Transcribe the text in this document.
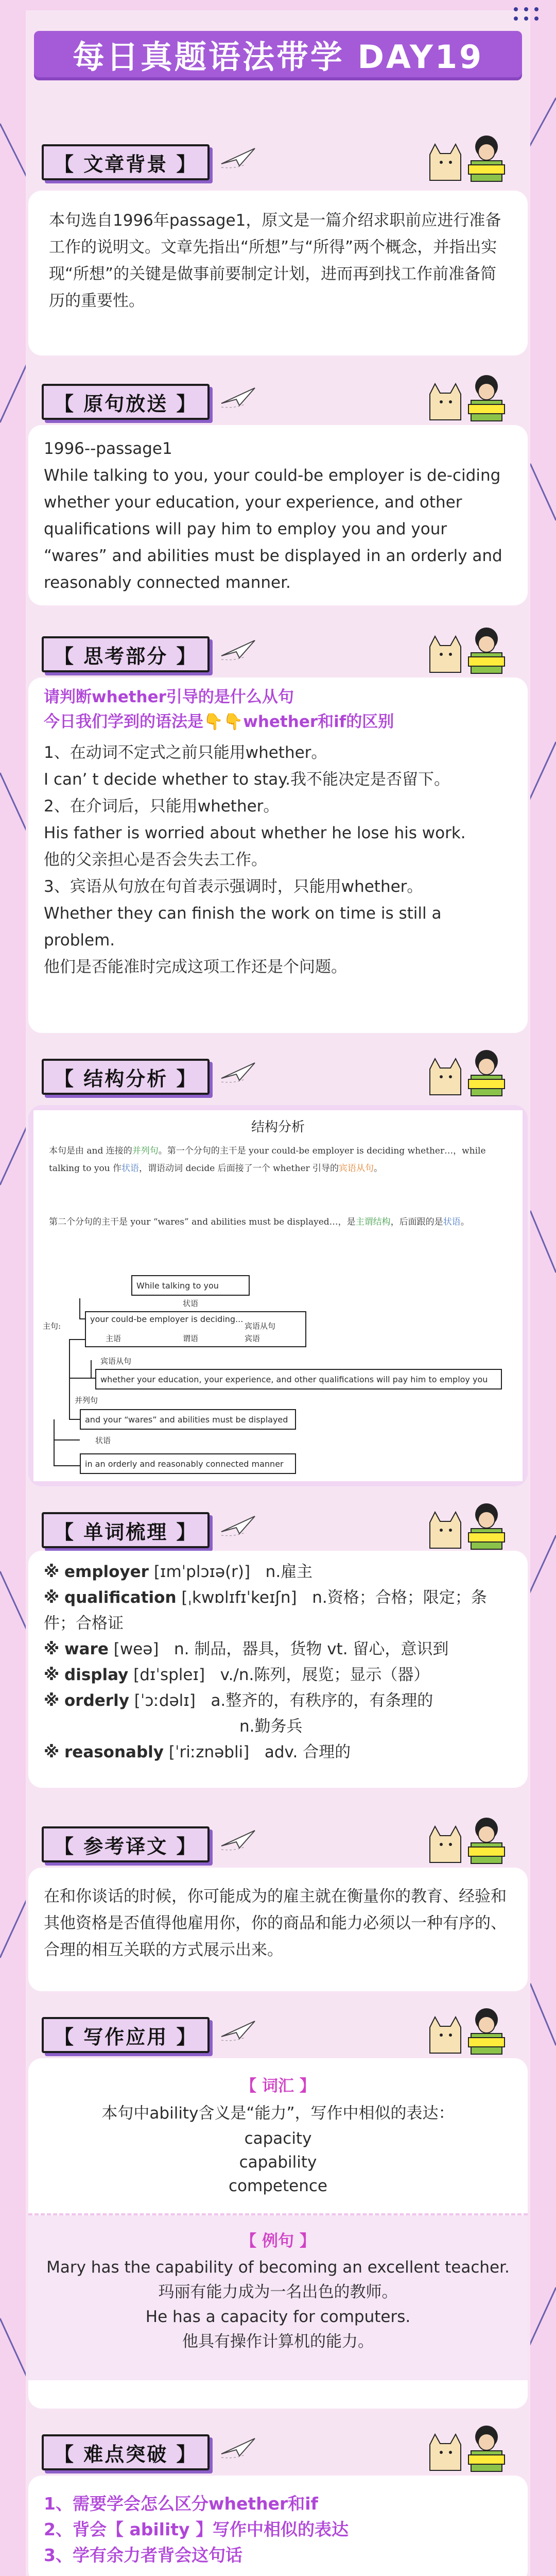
每日真题语法带学 DAY19
【 文章背景 】
本句选自1996年passage1，原文是一篇介绍求职前应进行准备工作的说明文。文章先指出“所想”与“所得”两个概念，并指出实现“所想”的关键是做事前要制定计划，进而再到找工作前准备简历的重要性。
【 原句放送 】
1996--passage1
While talking to you, your could-be employer is de-ciding whether your education, your experience, and other qualifications will pay him to employ you and your “wares” and abilities must be displayed in an orderly and reasonably connected manner.
【 思考部分 】
请判断whether引导的是什么从句
今日我们学到的语法是👇👇whether和if的区别
1、在动词不定式之前只能用whether。
I can’ t decide whether to stay.我不能决定是否留下。
2、在介词后，只能用whether。
His father is worried about whether he lose his work.
他的父亲担心是否会失去工作。
3、宾语从句放在句首表示强调时，只能用whether。
Whether they can finish the work on time is still a problem.
他们是否能准时完成这项工作还是个问题。
【 结构分析 】
结构分析
本句是由 and 连接的并列句。第一个分句的主干是 your could-be employer is deciding whether…，while talking to you 作状语，谓语动词 decide 后面接了一个 whether 引导的宾语从句。
第二个分句的主干是 your “wares” and abilities must be displayed…，是主谓结构，后面跟的是状语。
While talking to you
状语
主句:
your could-be employer is deciding...
主语	谓语
宾语从句
宾语
宾语从句
whether your education, your experience, and other qualifications will pay him to employ you
并列句
and your “wares” and abilities must be displayed
状语
in an orderly and reasonably connected manner
【 单词梳理 】
※ employer [ɪmˈplɔɪə(r)] n.雇主
※ qualification [ˌkwɒlɪfɪˈkeɪʃn] n.资格；合格；限定；条件；合格证
※ ware [weə] n. 制品，器具，货物 vt. 留心，意识到
※ display [dɪˈspleɪ] v./n.陈列，展览；显示（器）
※ orderly [ˈɔːdəlɪ] a.整齐的，有秩序的，有条理的
n.勤务兵
※ reasonably [ˈriːznəbli] adv. 合理的
【 参考译文 】
在和你谈话的时候，你可能成为的雇主就在衡量你的教育、经验和其他资格是否值得他雇用你，你的商品和能力必须以一种有序的、合理的相互关联的方式展示出来。
【 写作应用 】
【 词汇 】
本句中ability含义是“能力”，写作中相似的表达：
capacity
capability
competence
【 例句 】
Mary has the capability of becoming an excellent teacher.
玛丽有能力成为一名出色的教师。
He has a capacity for computers.
他具有操作计算机的能力。
【 难点突破 】
1、需要学会怎么区分whether和if
2、背会【 ability 】写作中相似的表达
3、学有余力者背会这句话
